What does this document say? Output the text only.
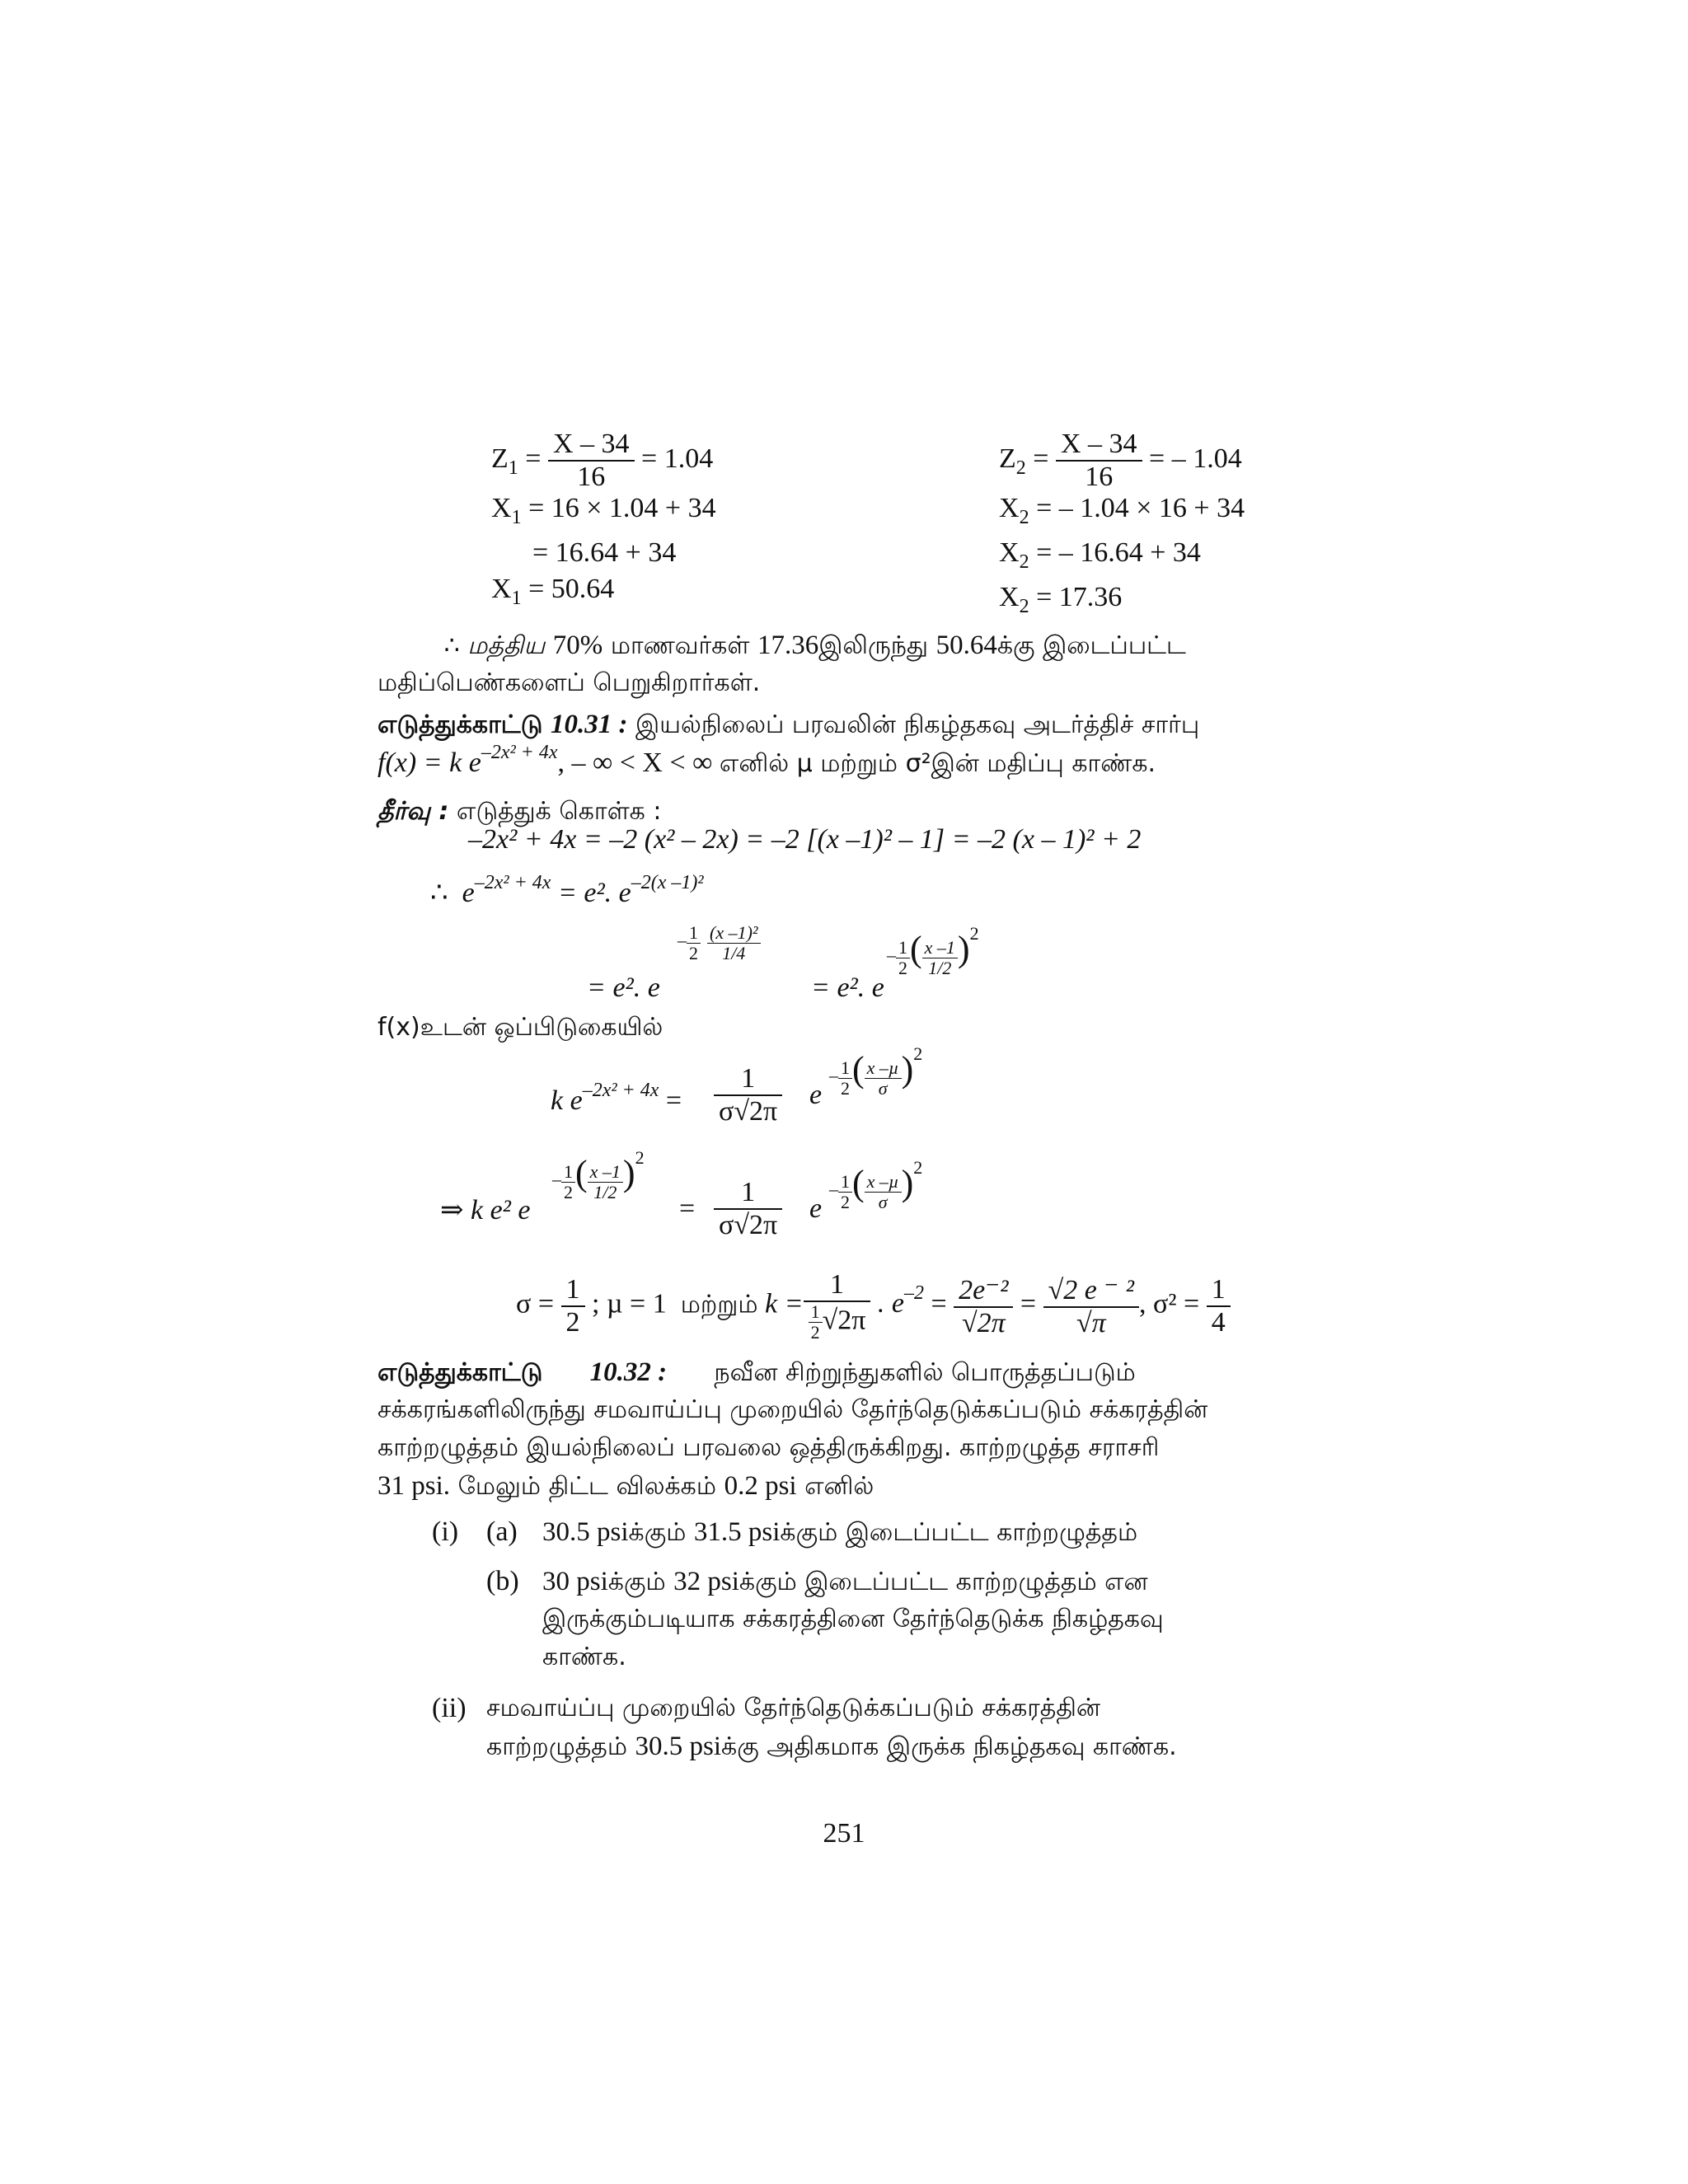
$Z_1 = \frac{X - 34}{16} = 1.04$	$Z_2 = \frac{X - 34}{16}$ = – 1.04
$X_1 = 16 \times 1.04 + 34$
= 16.64 + 34
$X_1 = 50.64$
$X_2$ = – 1.04 × 16 + 34
$X_2$ = – 16.64 + 34
$X_2 = 17.36$
∴ மத்திய 70% மாணவர்கள் 17.36இலிருந்து 50.64க்கு இடைப்பட்ட
மதிப்பெண்களைப் பெறுகிறார்கள்.
எடுத்துக்காட்டு 10.31 : இயல்நிலைப் பரவலின் நிகழ்தகவு அடர்த்திச் சார்பு
f(x) = k $e^{-2x^2 + 4x}$, – ∞ < X < ∞ எனில் µ மற்றும் σ²இன் மதிப்பு காண்க.
தீர்வு : எடுத்துக் கொள்க :
–2x² + 4x = –2 (x² – 2x) = –2 [(x –1)² – 1] = –2 (x – 1)² + 2
∴ $e^{-2x^2 + 4x} = e^2$. $e^{-2(x -1)^2}$
– $\frac{1}{2}$
$\frac{\text{(x –1)²}}{1/4}$
= e². e
– $\frac{1}{2}$ ( $\frac{x -1}{1/2} )2$
= e². e
f(x)உடன் ஒப்பிடுகையில்
k $e^{-2x^2 + 4x} = \frac{1}{\sigma√2\pi}$ e
– $\frac{1}{2}$ ( $\frac{\text{x –µ}}{\sigma} )2$
– $\frac{1}{2}$ ( $\frac{x -1}{1/2} )2$
⇒ k e² e	= $\frac{1}{\sigma√2\pi}$ e
– $\frac{1}{2}$ ( $\frac{\text{x –µ}}{\sigma} )2$
$\sigma = \frac{1}{2}$ ; µ = 1 மற்றும் $k = \frac{1}{\frac{1}{2} √2\pi}$ . $e^{-2} = \frac{\text{2e⁻²}}{√2\pi} = \frac{\text{√2 e ⁻ ²}}{√\pi}$ , $\sigma^2 = \frac{1}{4}$
எடுத்துக்காட்டு 10.32 : நவீன சிற்றுந்துகளில் பொருத்தப்படும்
சக்கரங்களிலிருந்து சமவாய்ப்பு முறையில் தேர்ந்தெடுக்கப்படும் சக்கரத்தின்
காற்றழுத்தம் இயல்நிலைப் பரவலை ஒத்திருக்கிறது. காற்றழுத்த சராசரி
31 psi. மேலும் திட்ட விலக்கம் 0.2 psi எனில்
(i) (a) 30.5 psiக்கும் 31.5 psiக்கும் இடைப்பட்ட காற்றழுத்தம்
(b) 30 psiக்கும் 32 psiக்கும் இடைப்பட்ட காற்றழுத்தம் என
இருக்கும்படியாக சக்கரத்தினை தேர்ந்தெடுக்க நிகழ்தகவு
காண்க.
(ii) சமவாய்ப்பு முறையில் தேர்ந்தெடுக்கப்படும் சக்கரத்தின்
காற்றழுத்தம் 30.5 psiக்கு அதிகமாக இருக்க நிகழ்தகவு காண்க.
251
